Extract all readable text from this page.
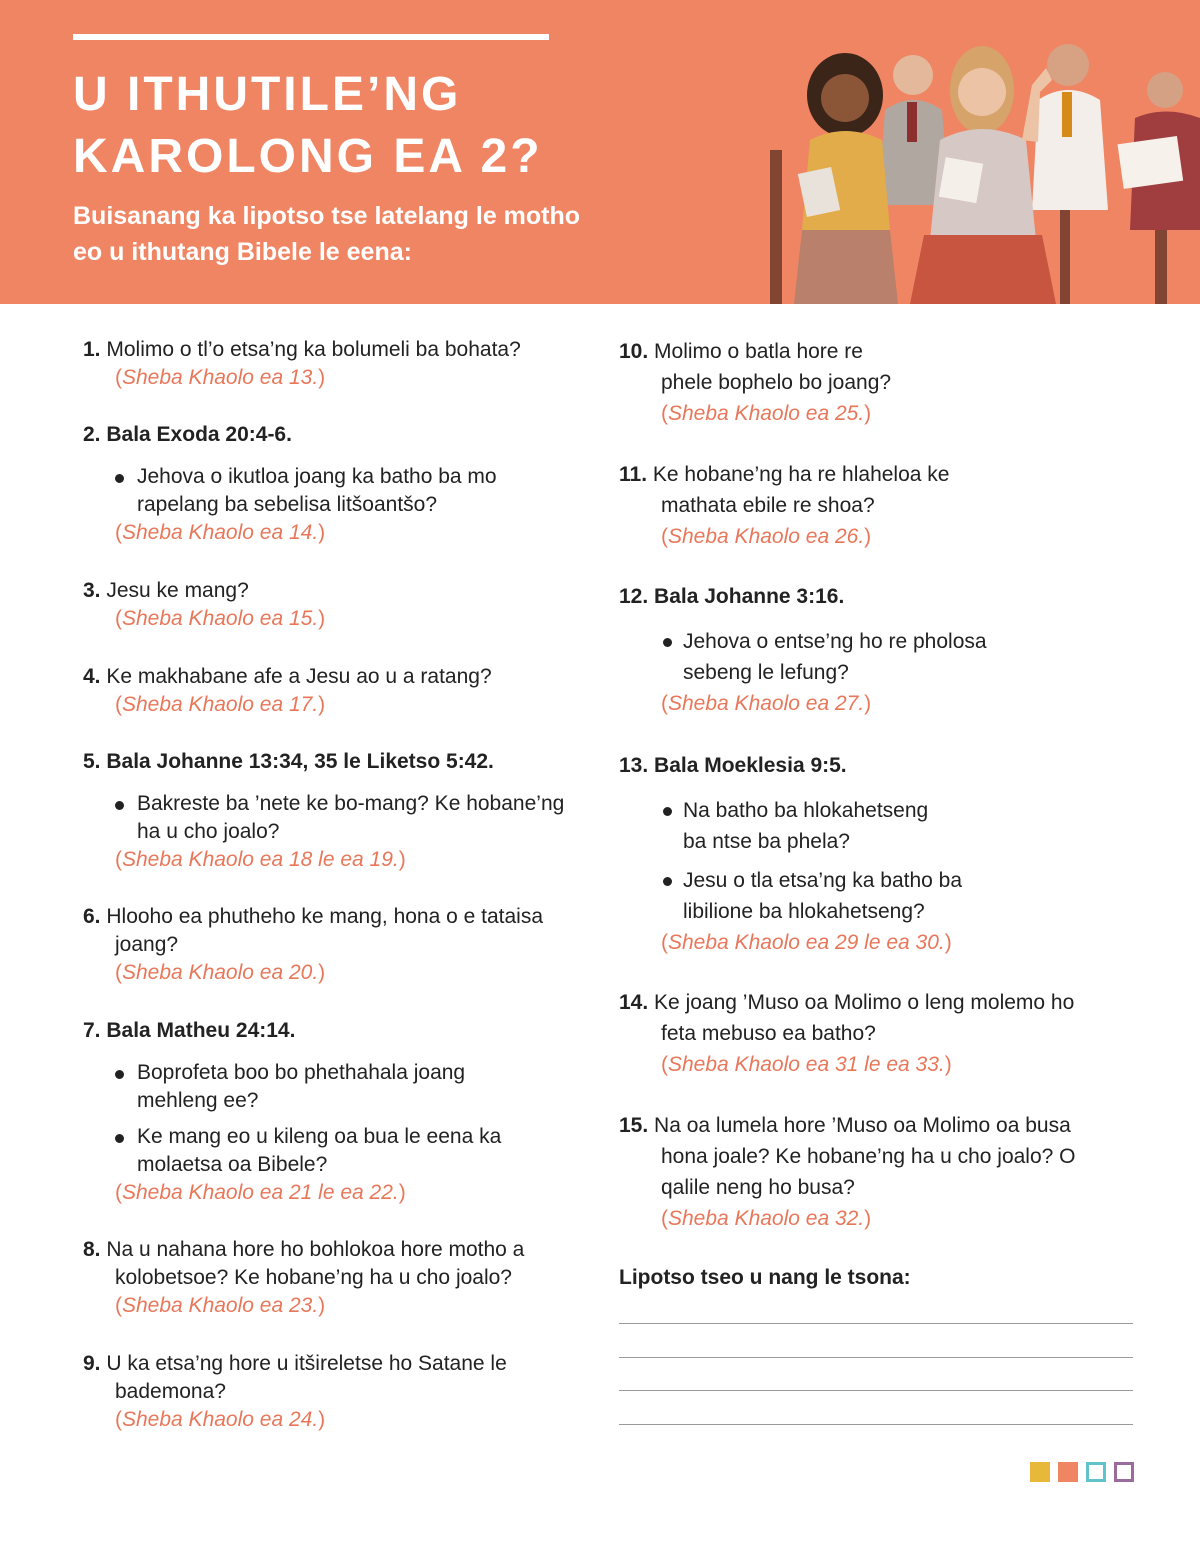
U ITHUTILE’NG
KAROLONG EA 2?
Buisanang ka lipotso tse latelang le motho
eo u ithutang Bibele le eena:
1. Molimo o tl’o etsa’ng ka bolumeli ba bohata?
(Sheba Khaolo ea 13.)
2. Bala Exoda 20:4-6.
Jehova o ikutloa joang ka batho ba mo
rapelang ba sebelisa litšoantšo?
(Sheba Khaolo ea 14.)
3. Jesu ke mang?
(Sheba Khaolo ea 15.)
4. Ke makhabane afe a Jesu ao u a ratang?
(Sheba Khaolo ea 17.)
5. Bala Johanne 13:34, 35 le Liketso 5:42.
Bakreste ba ’nete ke bo-mang? Ke hobane’ng
ha u cho joalo?
(Sheba Khaolo ea 18 le ea 19.)
6. Hlooho ea phutheho ke mang, hona o e tataisa
joang?
(Sheba Khaolo ea 20.)
7. Bala Matheu 24:14.
Boprofeta boo bo phethahala joang
mehleng ee?
Ke mang eo u kileng oa bua le eena ka
molaetsa oa Bibele?
(Sheba Khaolo ea 21 le ea 22.)
8. Na u nahana hore ho bohlokoa hore motho a
kolobetsoe? Ke hobane’ng ha u cho joalo?
(Sheba Khaolo ea 23.)
9. U ka etsa’ng hore u itšireletse ho Satane le
bademona?
(Sheba Khaolo ea 24.)
10. Molimo o batla hore re
phele bophelo bo joang?
(Sheba Khaolo ea 25.)
11. Ke hobane’ng ha re hlaheloa ke
mathata ebile re shoa?
(Sheba Khaolo ea 26.)
12. Bala Johanne 3:16.
Jehova o entse’ng ho re pholosa
sebeng le lefung?
(Sheba Khaolo ea 27.)
13. Bala Moeklesia 9:5.
Na batho ba hlokahetseng
ba ntse ba phela?
Jesu o tla etsa’ng ka batho ba
libilione ba hlokahetseng?
(Sheba Khaolo ea 29 le ea 30.)
14. Ke joang ’Muso oa Molimo o leng molemo ho
feta mebuso ea batho?
(Sheba Khaolo ea 31 le ea 33.)
15. Na oa lumela hore ’Muso oa Molimo oa busa
hona joale? Ke hobane’ng ha u cho joalo? O
qalile neng ho busa?
(Sheba Khaolo ea 32.)
Lipotso tseo u nang le tsona:
